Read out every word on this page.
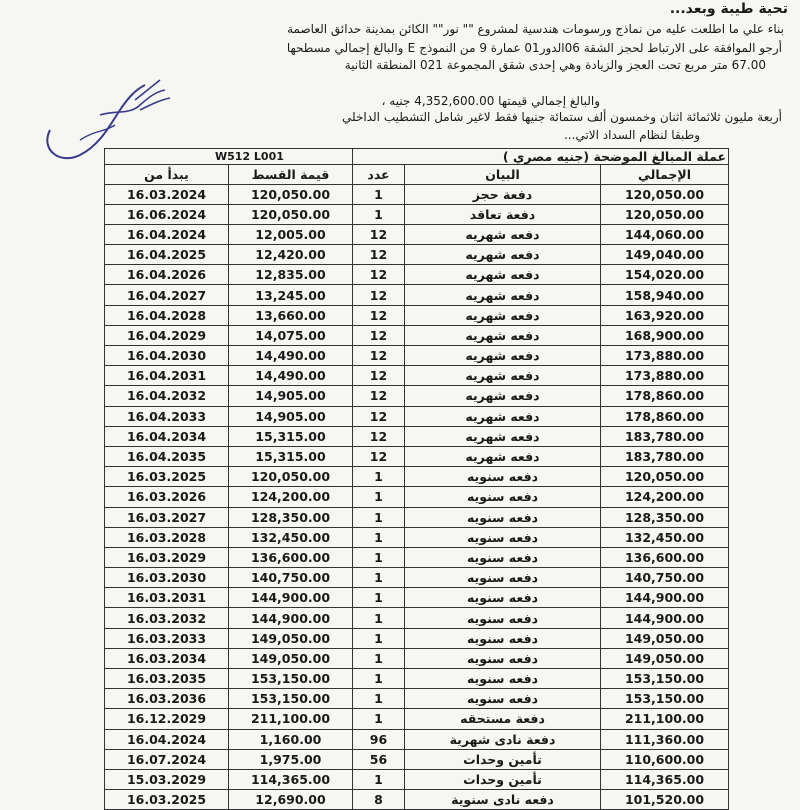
تحية طيبة وبعد...
بناء علي ما اطلعت عليه من نماذج ورسومات هندسية لمشروع "" نور"" الكائن بمدينة حدائق العاصمة
أرجو الموافقة على الارتباط لحجز الشقة 06الدور01 عمارة 9 من النموذج E والبالغ إجمالي مسطحها
67.00 متر مربع تحت العجز والزيادة وهي إحدى شقق المجموعة 021 المنطقة الثانية
والبالغ إجمالي قيمتها 4,352,600.00 جنيه ،
أربعة مليون ثلاثمائة اثنان وخمسون ألف ستمائة جنيها فقط لاغير شامل التشطيب الداخلي
وطبقا لنظام السداد الاتي...
W512 L001		عملة المبالغ الموضحة (جنيه مصري )		
يبدأ من	قيمة القسط	عدد	البيان	الإجمالي
16.03.2024	120,050.00	1	دفعة حجز	120,050.00
16.06.2024	120,050.00	1	دفعة تعاقد	120,050.00
16.04.2024	12,005.00	12	دفعه شهريه	144,060.00
16.04.2025	12,420.00	12	دفعه شهريه	149,040.00
16.04.2026	12,835.00	12	دفعه شهريه	154,020.00
16.04.2027	13,245.00	12	دفعه شهريه	158,940.00
16.04.2028	13,660.00	12	دفعه شهريه	163,920.00
16.04.2029	14,075.00	12	دفعه شهريه	168,900.00
16.04.2030	14,490.00	12	دفعه شهريه	173,880.00
16.04.2031	14,490.00	12	دفعه شهريه	173,880.00
16.04.2032	14,905.00	12	دفعه شهريه	178,860.00
16.04.2033	14,905.00	12	دفعه شهريه	178,860.00
16.04.2034	15,315.00	12	دفعه شهريه	183,780.00
16.04.2035	15,315.00	12	دفعه شهريه	183,780.00
16.03.2025	120,050.00	1	دفعه سنويه	120,050.00
16.03.2026	124,200.00	1	دفعه سنويه	124,200.00
16.03.2027	128,350.00	1	دفعه سنويه	128,350.00
16.03.2028	132,450.00	1	دفعه سنويه	132,450.00
16.03.2029	136,600.00	1	دفعه سنويه	136,600.00
16.03.2030	140,750.00	1	دفعه سنويه	140,750.00
16.03.2031	144,900.00	1	دفعه سنويه	144,900.00
16.03.2032	144,900.00	1	دفعه سنويه	144,900.00
16.03.2033	149,050.00	1	دفعه سنويه	149,050.00
16.03.2034	149,050.00	1	دفعه سنويه	149,050.00
16.03.2035	153,150.00	1	دفعه سنويه	153,150.00
16.03.2036	153,150.00	1	دفعه سنويه	153,150.00
16.12.2029	211,100.00	1	دفعة مستحقه	211,100.00
16.04.2024	1,160.00	96	دفعة نادى شهرية	111,360.00
16.07.2024	1,975.00	56	تأمين وحدات	110,600.00
15.03.2029	114,365.00	1	تأمين وحدات	114,365.00
16.03.2025	12,690.00	8	دفعه نادى سنوية	101,520.00
